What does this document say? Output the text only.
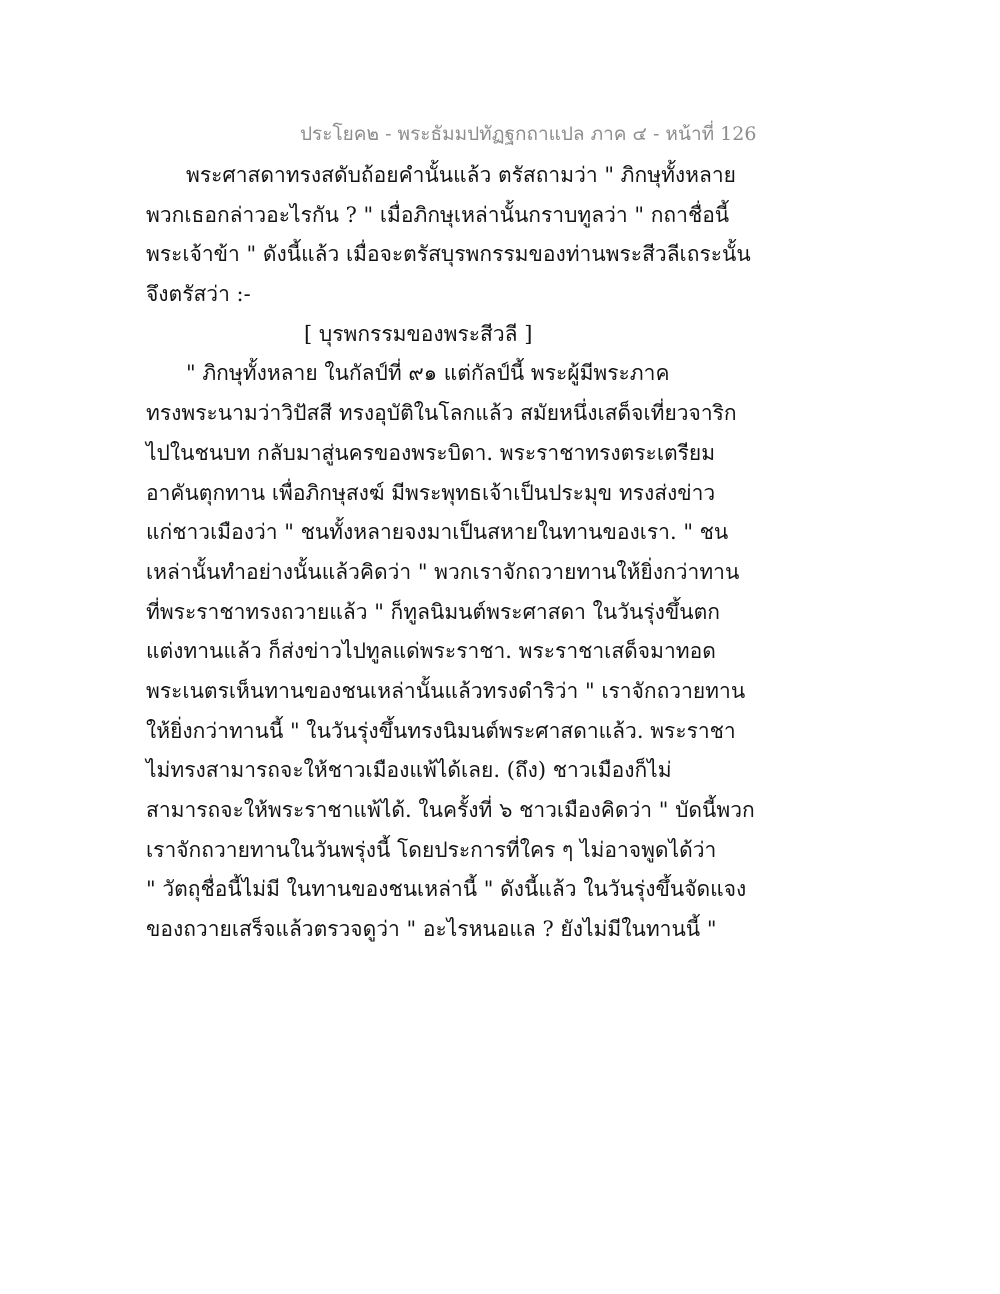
ประโยค๒ - พระธัมมปทัฏฐกถาแปล ภาค ๔ - หน้าที่ 126
พระศาสดาทรงสดับถ้อยคำนั้นแล้ว ตรัสถามว่า " ภิกษุทั้งหลาย
พวกเธอกล่าวอะไรกัน ? " เมื่อภิกษุเหล่านั้นกราบทูลว่า " กถาชื่อนี้
พระเจ้าข้า " ดังนี้แล้ว เมื่อจะตรัสบุรพกรรมของท่านพระสีวลีเถระนั้น
จึงตรัสว่า :-
[ บุรพกรรมของพระสีวลี ]
" ภิกษุทั้งหลาย ในกัลป์ที่ ๙๑ แต่กัลป์นี้ พระผู้มีพระภาค
ทรงพระนามว่าวิปัสสี ทรงอุบัติในโลกแล้ว สมัยหนึ่งเสด็จเที่ยวจาริก
ไปในชนบท กลับมาสู่นครของพระบิดา. พระราชาทรงตระเตรียม
อาคันตุกทาน เพื่อภิกษุสงฆ์ มีพระพุทธเจ้าเป็นประมุข ทรงส่งข่าว
แก่ชาวเมืองว่า " ชนทั้งหลายจงมาเป็นสหายในทานของเรา. " ชน
เหล่านั้นทำอย่างนั้นแล้วคิดว่า " พวกเราจักถวายทานให้ยิ่งกว่าทาน
ที่พระราชาทรงถวายแล้ว " ก็ทูลนิมนต์พระศาสดา ในวันรุ่งขึ้นตก
แต่งทานแล้ว ก็ส่งข่าวไปทูลแด่พระราชา. พระราชาเสด็จมาทอด
พระเนตรเห็นทานของชนเหล่านั้นแล้วทรงดำริว่า " เราจักถวายทาน
ให้ยิ่งกว่าทานนี้ " ในวันรุ่งขึ้นทรงนิมนต์พระศาสดาแล้ว. พระราชา
ไม่ทรงสามารถจะให้ชาวเมืองแพ้ได้เลย. (ถึง) ชาวเมืองก็ไม่
สามารถจะให้พระราชาแพ้ได้. ในครั้งที่ ๖ ชาวเมืองคิดว่า " บัดนี้พวก
เราจักถวายทานในวันพรุ่งนี้ โดยประการที่ใคร ๆ ไม่อาจพูดได้ว่า
" วัตถุชื่อนี้ไม่มี ในทานของชนเหล่านี้ " ดังนี้แล้ว ในวันรุ่งขึ้นจัดแจง
ของถวายเสร็จแล้วตรวจดูว่า " อะไรหนอแล ? ยังไม่มีในทานนี้ "
